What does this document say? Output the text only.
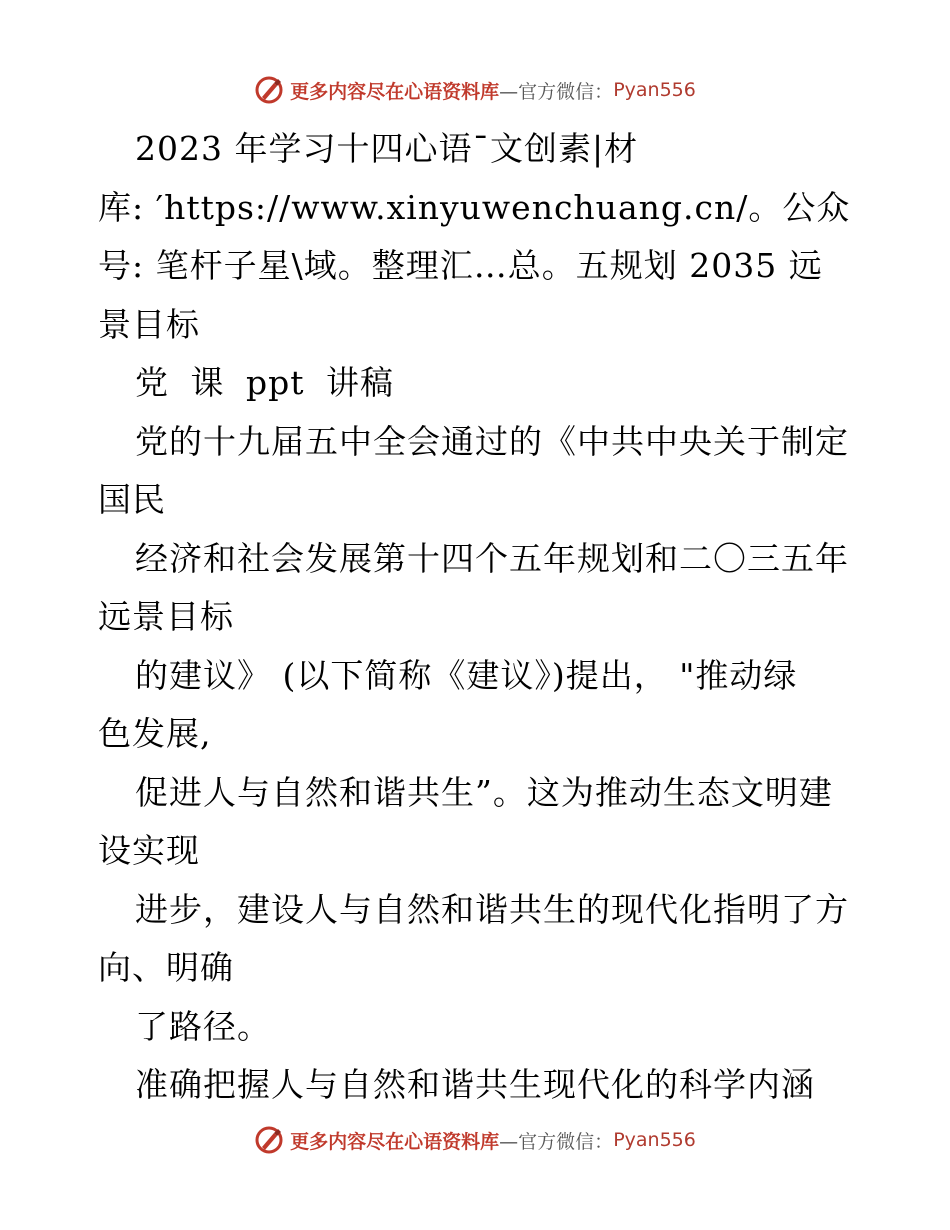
更多内容尽在心语资料库 —官方微信： Pyan556
2023 年学习十四心语¯文创素|材
库: ′https://www.xinyuwenchuang.cn/。公众
号: 笔杆子星\域。整理汇…总。五规划 2035 远
景目标
党 课 ppt 讲稿
党的十九届五中全会通过的《中共中央关于制定
国民
经济和社会发展第十四个五年规划和二〇三五年
远景目标
的建议》 (以下简称《建议》)提出， "推动绿
色发展,
促进人与自然和谐共生”。这为推动生态文明建
设实现
进步，建设人与自然和谐共生的现代化指明了方
向、明确
了路径。
准确把握人与自然和谐共生现代化的科学内涵
更多内容尽在心语资料库 —官方微信： Pyan556
